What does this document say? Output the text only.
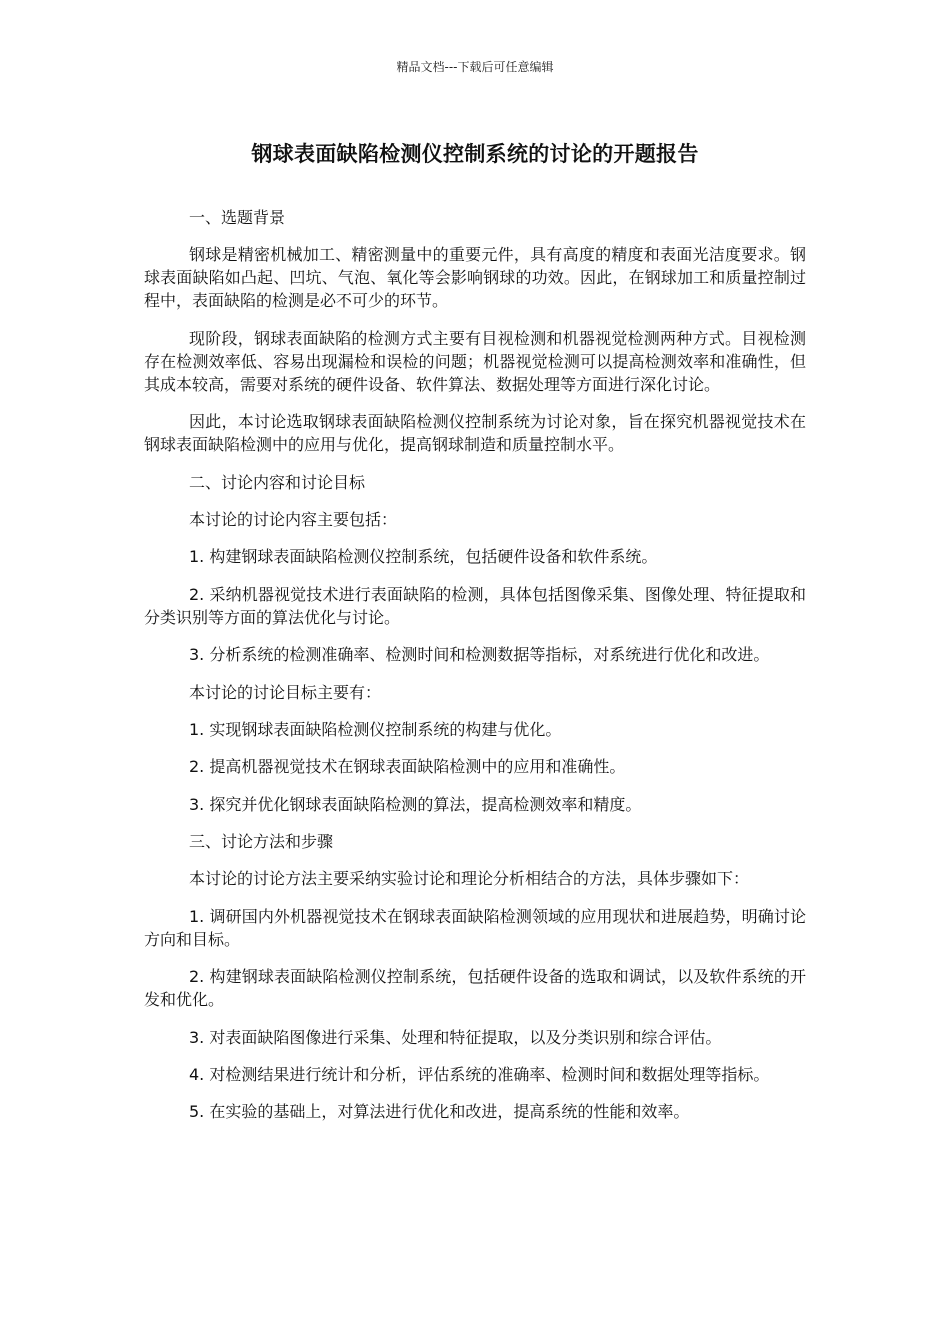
精品文档---下载后可任意编辑
钢球表面缺陷检测仪控制系统的讨论的开题报告

一、选题背景

钢球是精密机械加工、精密测量中的重要元件，具有高度的精度和表面光洁度要求。钢球表面缺陷如凸起、凹坑、气泡、氧化等会影响钢球的功效。因此，在钢球加工和质量控制过程中，表面缺陷的检测是必不可少的环节。

现阶段，钢球表面缺陷的检测方式主要有目视检测和机器视觉检测两种方式。目视检测存在检测效率低、容易出现漏检和误检的问题；机器视觉检测可以提高检测效率和准确性，但其成本较高，需要对系统的硬件设备、软件算法、数据处理等方面进行深化讨论。

因此，本讨论选取钢球表面缺陷检测仪控制系统为讨论对象，旨在探究机器视觉技术在钢球表面缺陷检测中的应用与优化，提高钢球制造和质量控制水平。

二、讨论内容和讨论目标

本讨论的讨论内容主要包括：

1. 构建钢球表面缺陷检测仪控制系统，包括硬件设备和软件系统。

2. 采纳机器视觉技术进行表面缺陷的检测，具体包括图像采集、图像处理、特征提取和分类识别等方面的算法优化与讨论。

3. 分析系统的检测准确率、检测时间和检测数据等指标，对系统进行优化和改进。

本讨论的讨论目标主要有：

1. 实现钢球表面缺陷检测仪控制系统的构建与优化。

2. 提高机器视觉技术在钢球表面缺陷检测中的应用和准确性。

3. 探究并优化钢球表面缺陷检测的算法，提高检测效率和精度。

三、讨论方法和步骤

本讨论的讨论方法主要采纳实验讨论和理论分析相结合的方法，具体步骤如下：

1. 调研国内外机器视觉技术在钢球表面缺陷检测领域的应用现状和进展趋势，明确讨论方向和目标。

2. 构建钢球表面缺陷检测仪控制系统，包括硬件设备的选取和调试，以及软件系统的开发和优化。

3. 对表面缺陷图像进行采集、处理和特征提取，以及分类识别和综合评估。

4. 对检测结果进行统计和分析，评估系统的准确率、检测时间和数据处理等指标。

5. 在实验的基础上，对算法进行优化和改进，提高系统的性能和效率。
